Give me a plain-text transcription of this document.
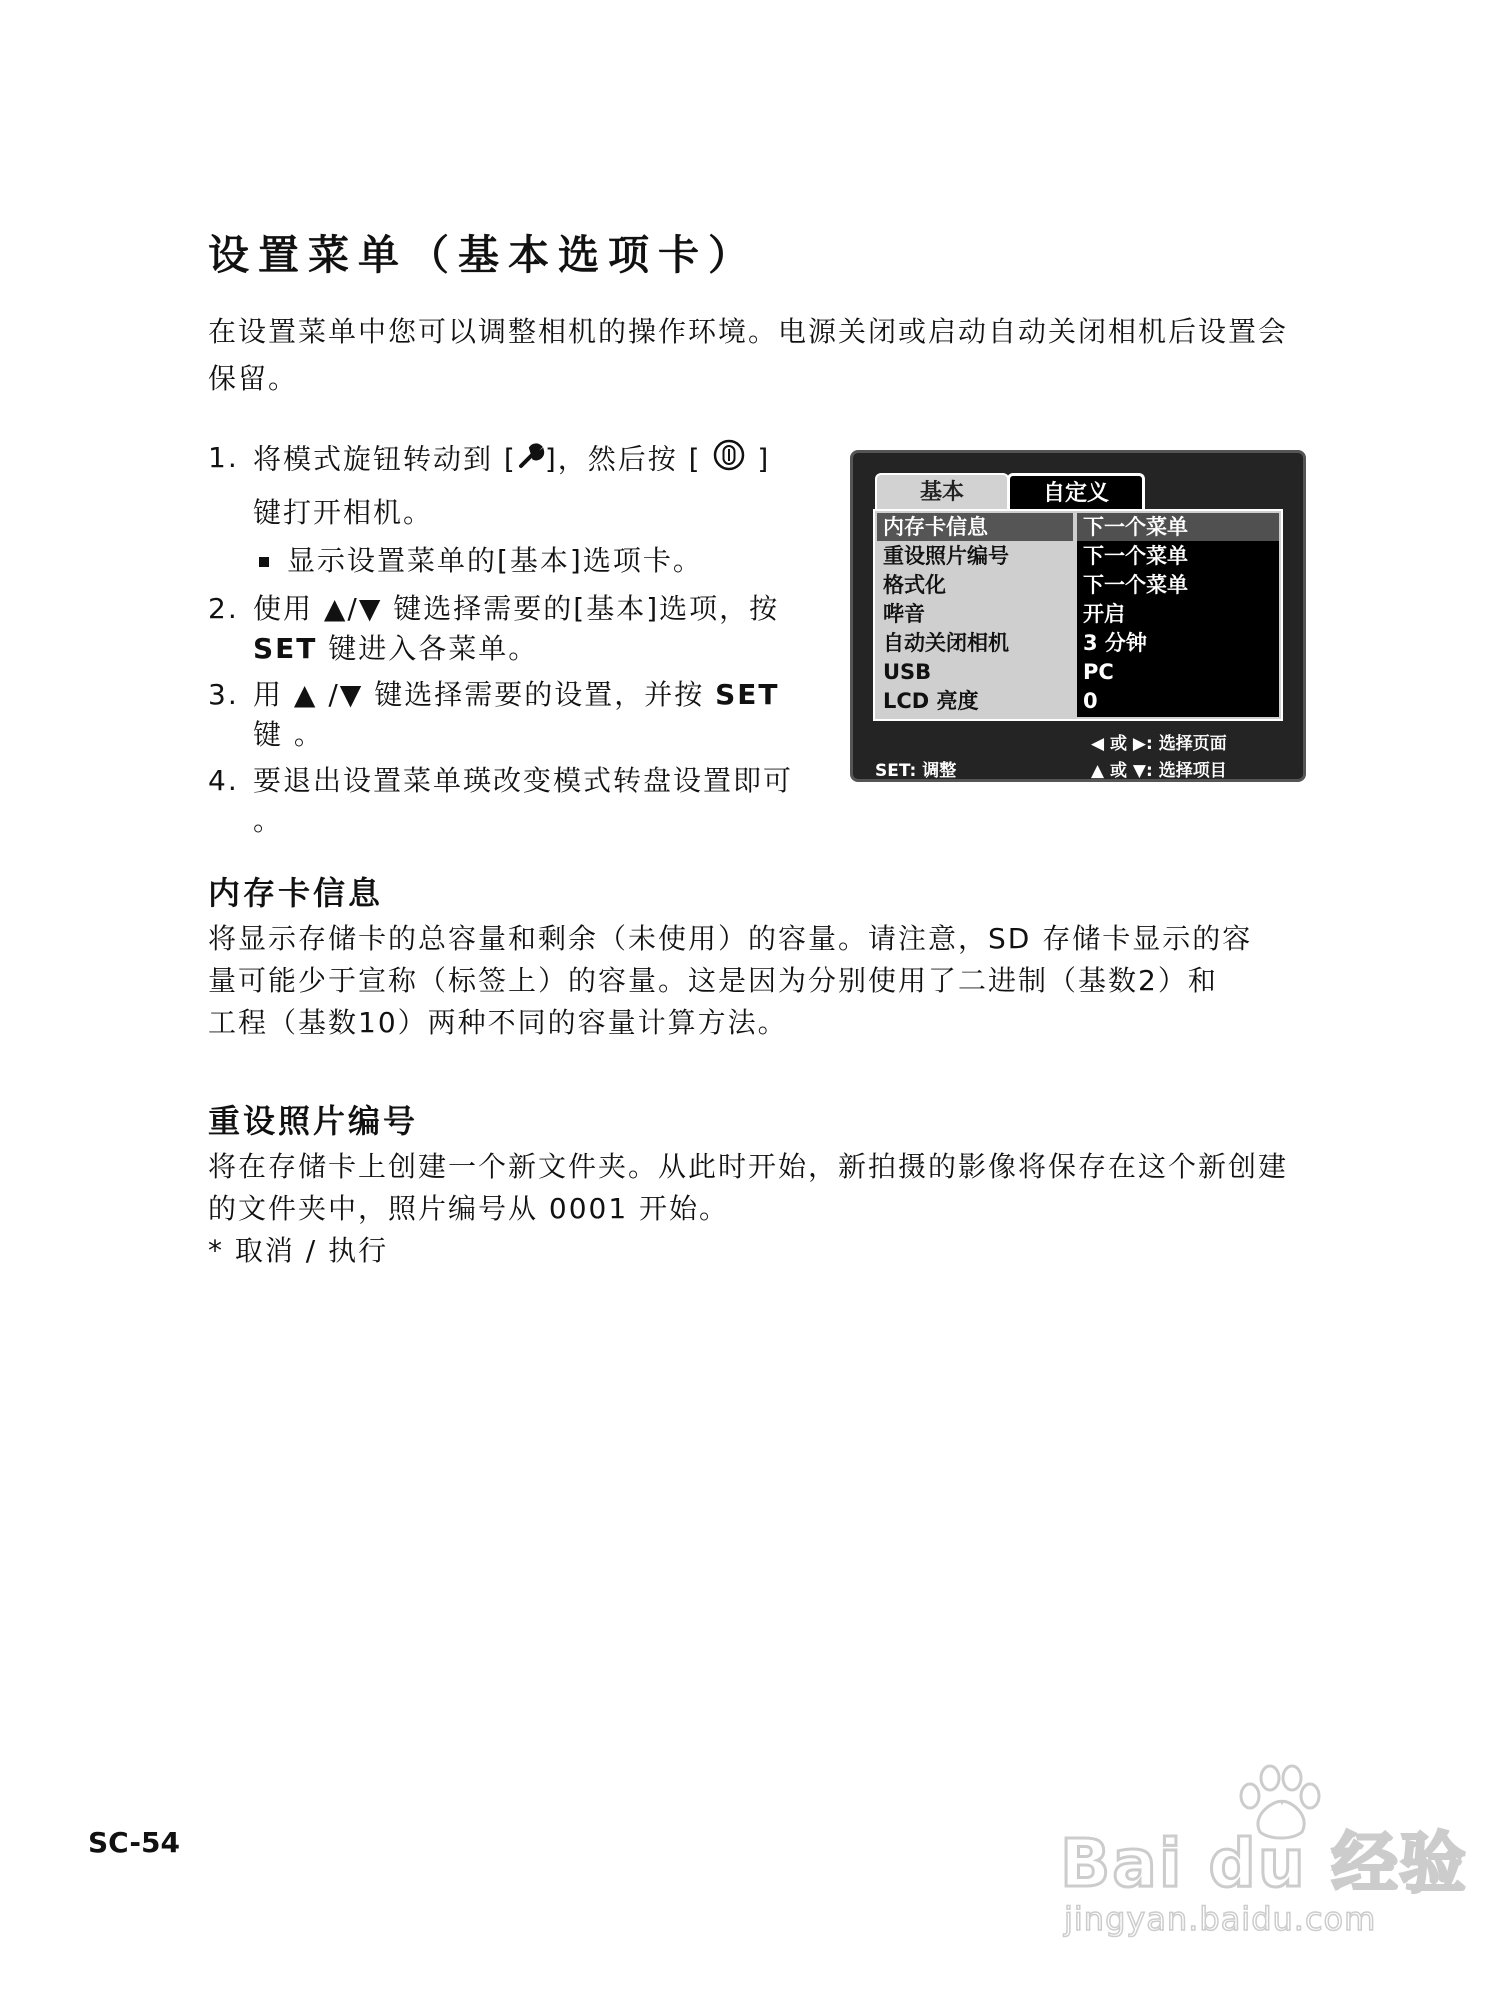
设置菜单（基本选项卡）
在设置菜单中您可以调整相机的操作环境。电源关闭或启动自动关闭相机后设置会保留。
1. 将模式旋钮转动到 [ ]，然后按 [ ]
键打开相机。
显示设置菜单的[基本]选项卡。
2. 使用 ▲/▼ 键选择需要的[基本]选项，按
SET 键进入各菜单。
3. 用 ▲ /▼ 键选择需要的设置，并按 SET
键 。
4. 要退出设置菜单瑛改变模式转盘设置即可 。
基本	自定义
内存卡信息	下一个菜单
重设照片编号	下一个菜单
格式化	下一个菜单
哔音	开启
自动关闭相机	3 分钟
USB	PC
LCD 亮度	0
◀ 或 ▶: 选择页面
▲ 或 ▼: 选择项目
SET: 调整
内存卡信息
将显示存储卡的总容量和剩余（未使用）的容量。请注意，SD 存储卡显示的容
量可能少于宣称（标签上）的容量。这是因为分别使用了二进制（基数2）和
工程（基数10）两种不同的容量计算方法。
重设照片编号
将在存储卡上创建一个新文件夹。从此时开始，新拍摄的影像将保存在这个新创建
的文件夹中，照片编号从 0001 开始。
* 取消 / 执行
SC-54	Bai du 经验
jingyan.baidu.com
